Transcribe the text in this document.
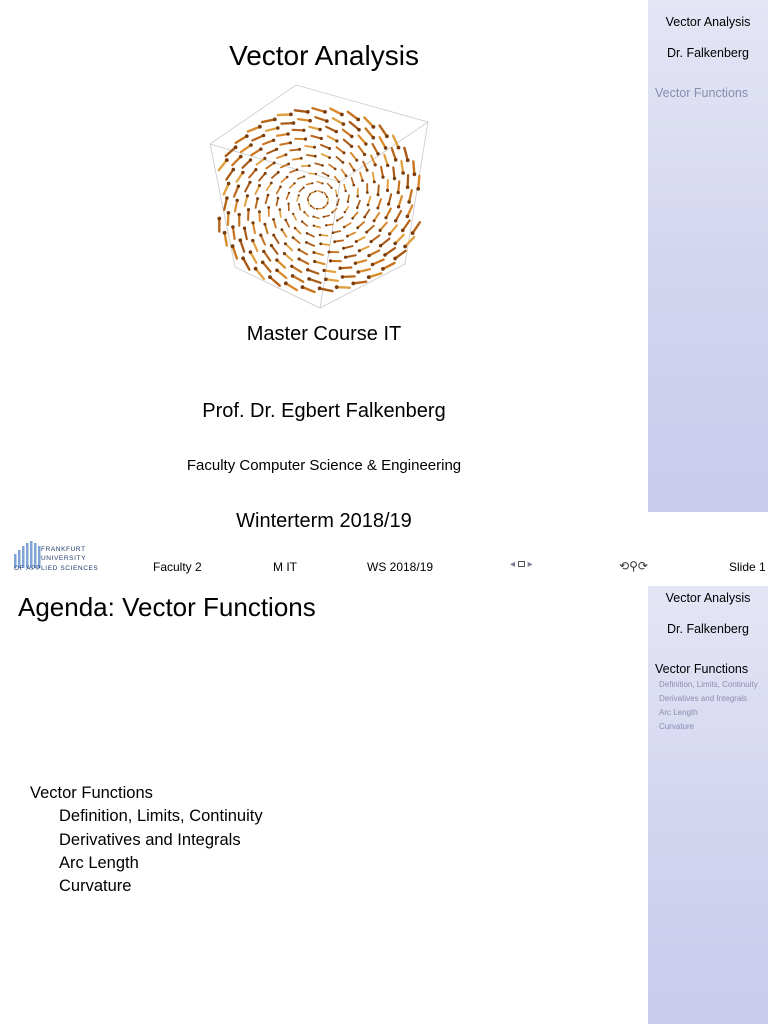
Vector Analysis
Dr. Falkenberg
Vector Functions
Vector Analysis
Master Course IT
Prof. Dr. Egbert Falkenberg
Faculty Computer Science & Engineering
Winterterm 2018/19
FRANKFURT
UNIVERSITY
OF APPLIED SCIENCES	Faculty 2	M IT	WS 2018/19	◂  ▸	⟲⚲⟳	Slide 1
Vector Analysis
Dr. Falkenberg
Vector Functions
Definition, Limits, Continuity
Derivatives and Integrals
Arc Length
Curvature
Agenda: Vector Functions
Vector Functions
Definition, Limits, Continuity
Derivatives and Integrals
Arc Length
Curvature
